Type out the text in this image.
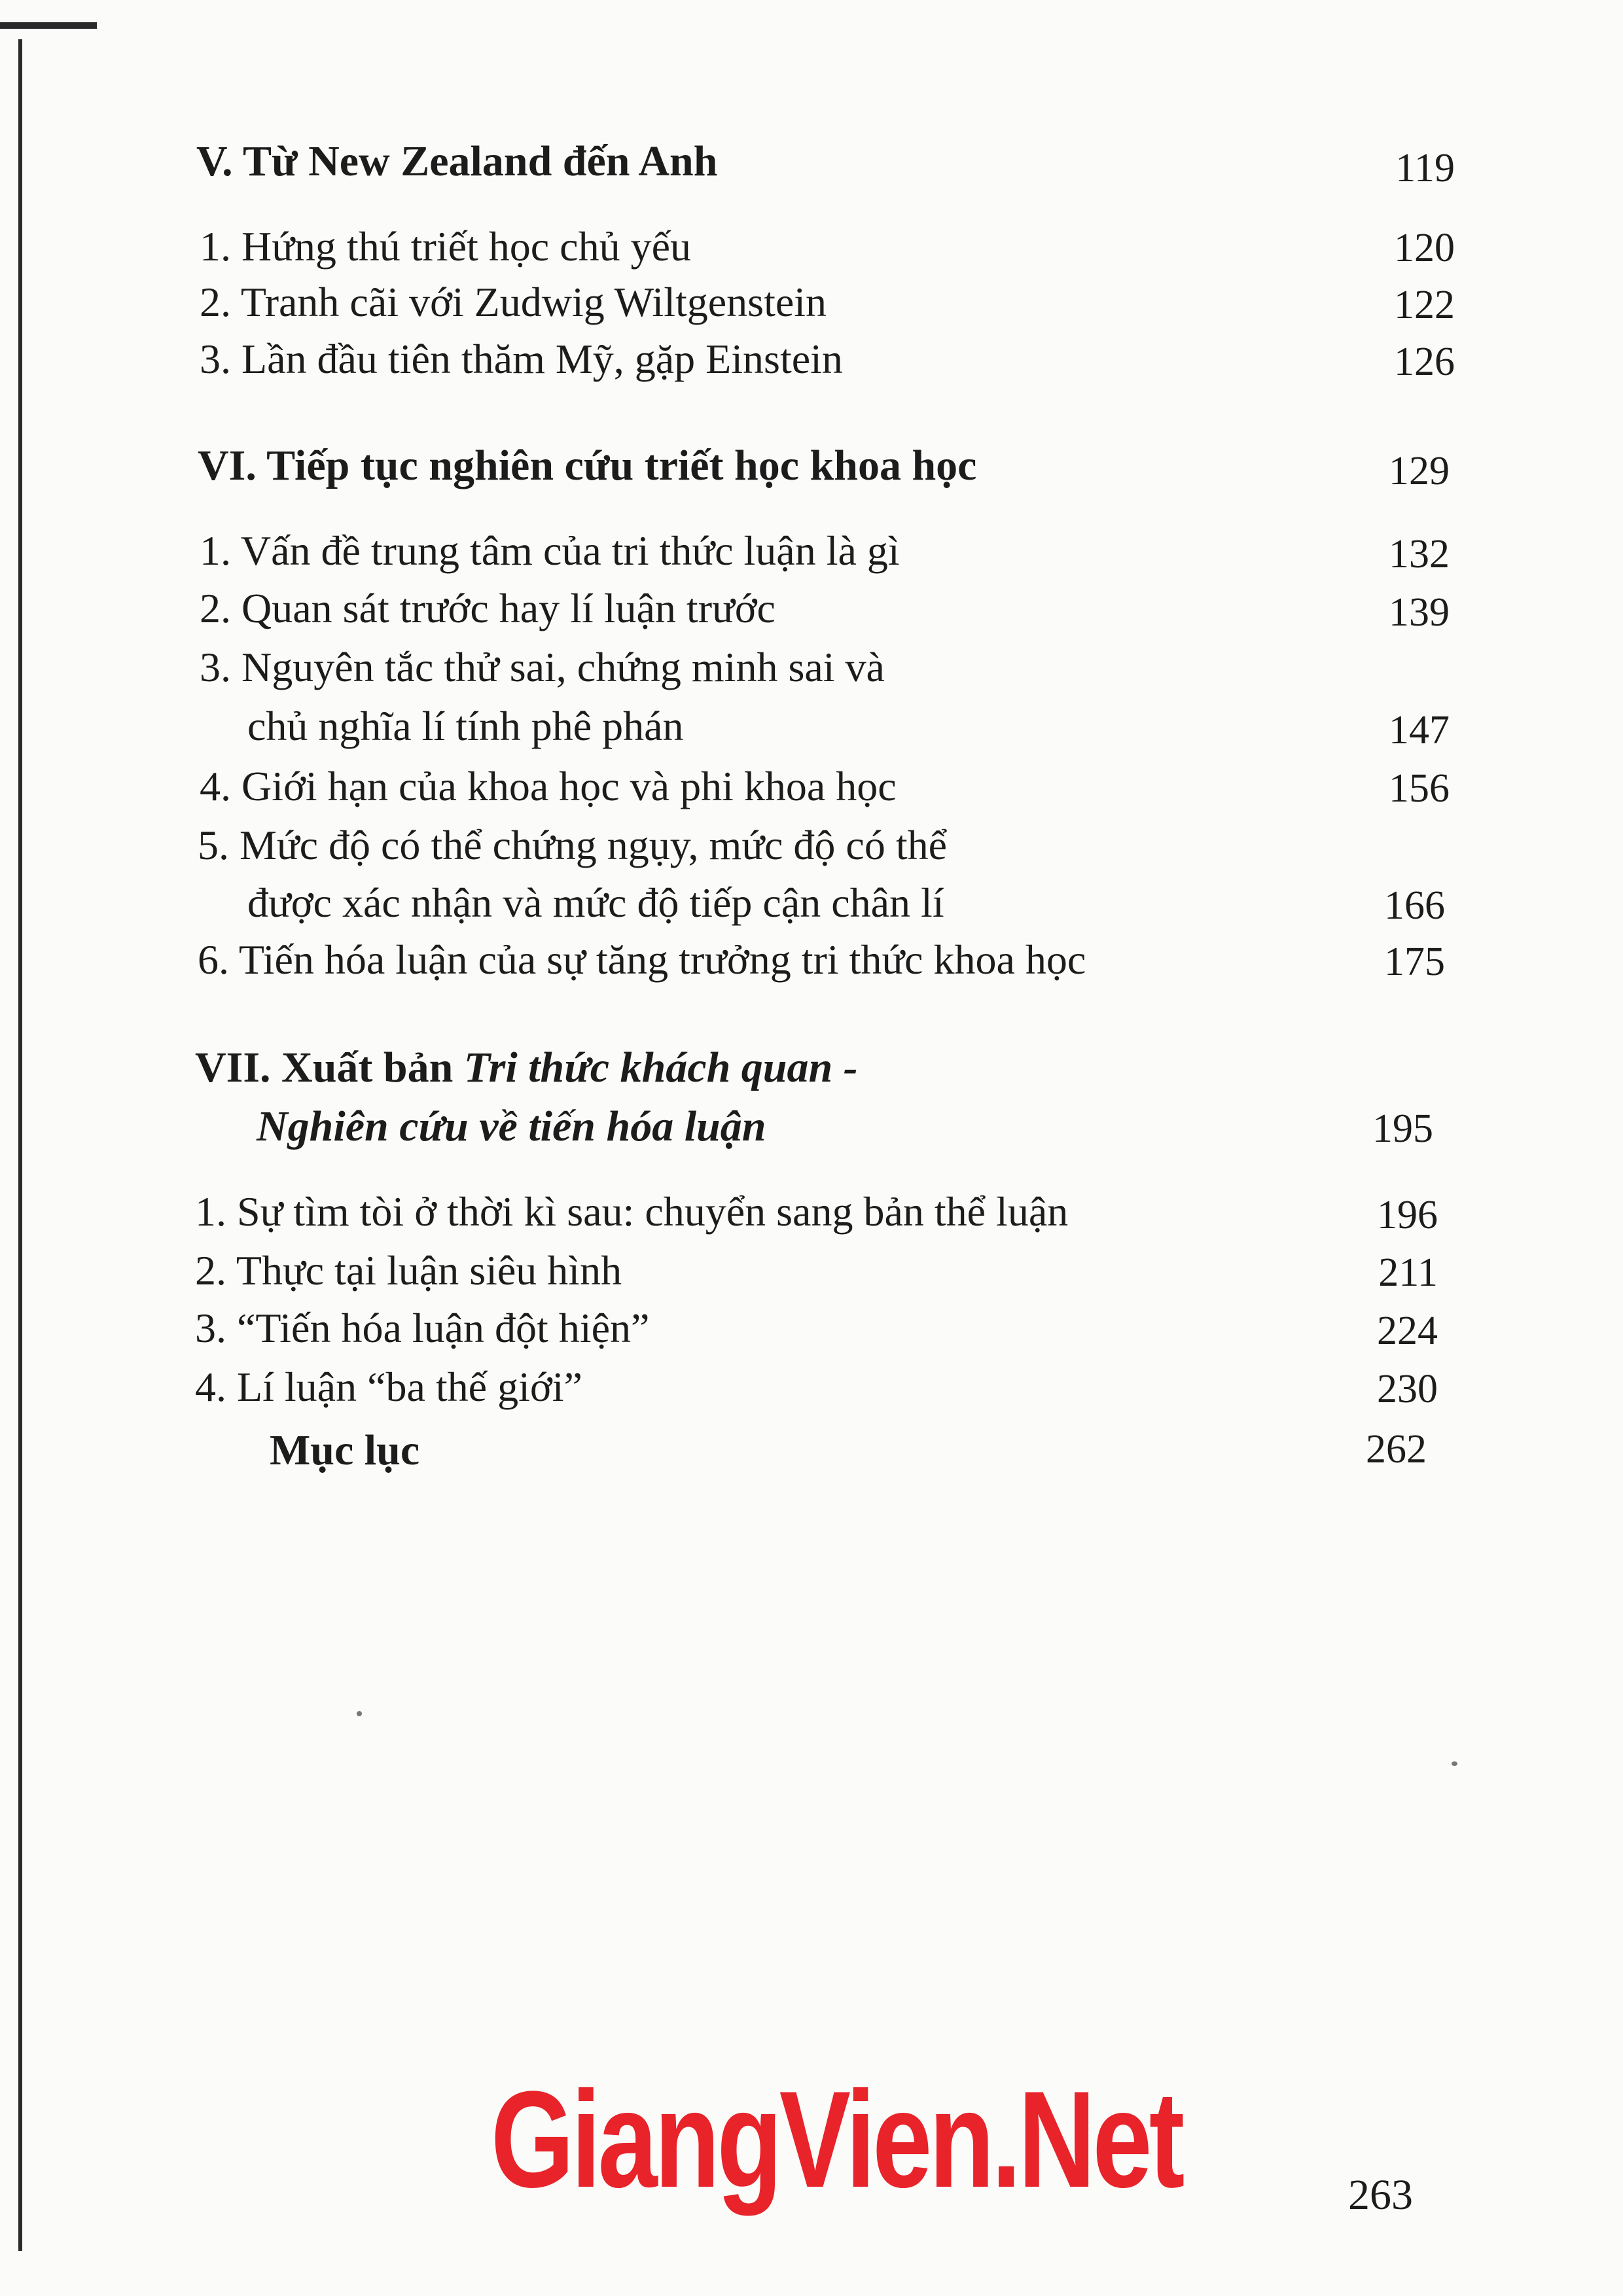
V. Từ New Zealand đến Anh	119
1. Hứng thú triết học chủ yếu	120
2. Tranh cãi với Zudwig Wiltgenstein	122
3. Lần đầu tiên thăm Mỹ, gặp Einstein	126
VI. Tiếp tục nghiên cứu triết học khoa học	129
1. Vấn đề trung tâm của tri thức luận là gì	132
2. Quan sát trước hay lí luận trước	139
3. Nguyên tắc thử sai, chứng minh sai và
chủ nghĩa lí tính phê phán	147
4. Giới hạn của khoa học và phi khoa học	156
5. Mức độ có thể chứng ngụy, mức độ có thể
được xác nhận và mức độ tiếp cận chân lí	166
6. Tiến hóa luận của sự tăng trưởng tri thức khoa học	175
VII. Xuất bản Tri thức khách quan -
Nghiên cứu về tiến hóa luận	195
1. Sự tìm tòi ở thời kì sau: chuyển sang bản thể luận	196
2. Thực tại luận siêu hình	211
3. “Tiến hóa luận đột hiện”	224
4. Lí luận “ba thế giới”	230
Mục lục	262
GiangVien.Net	263
